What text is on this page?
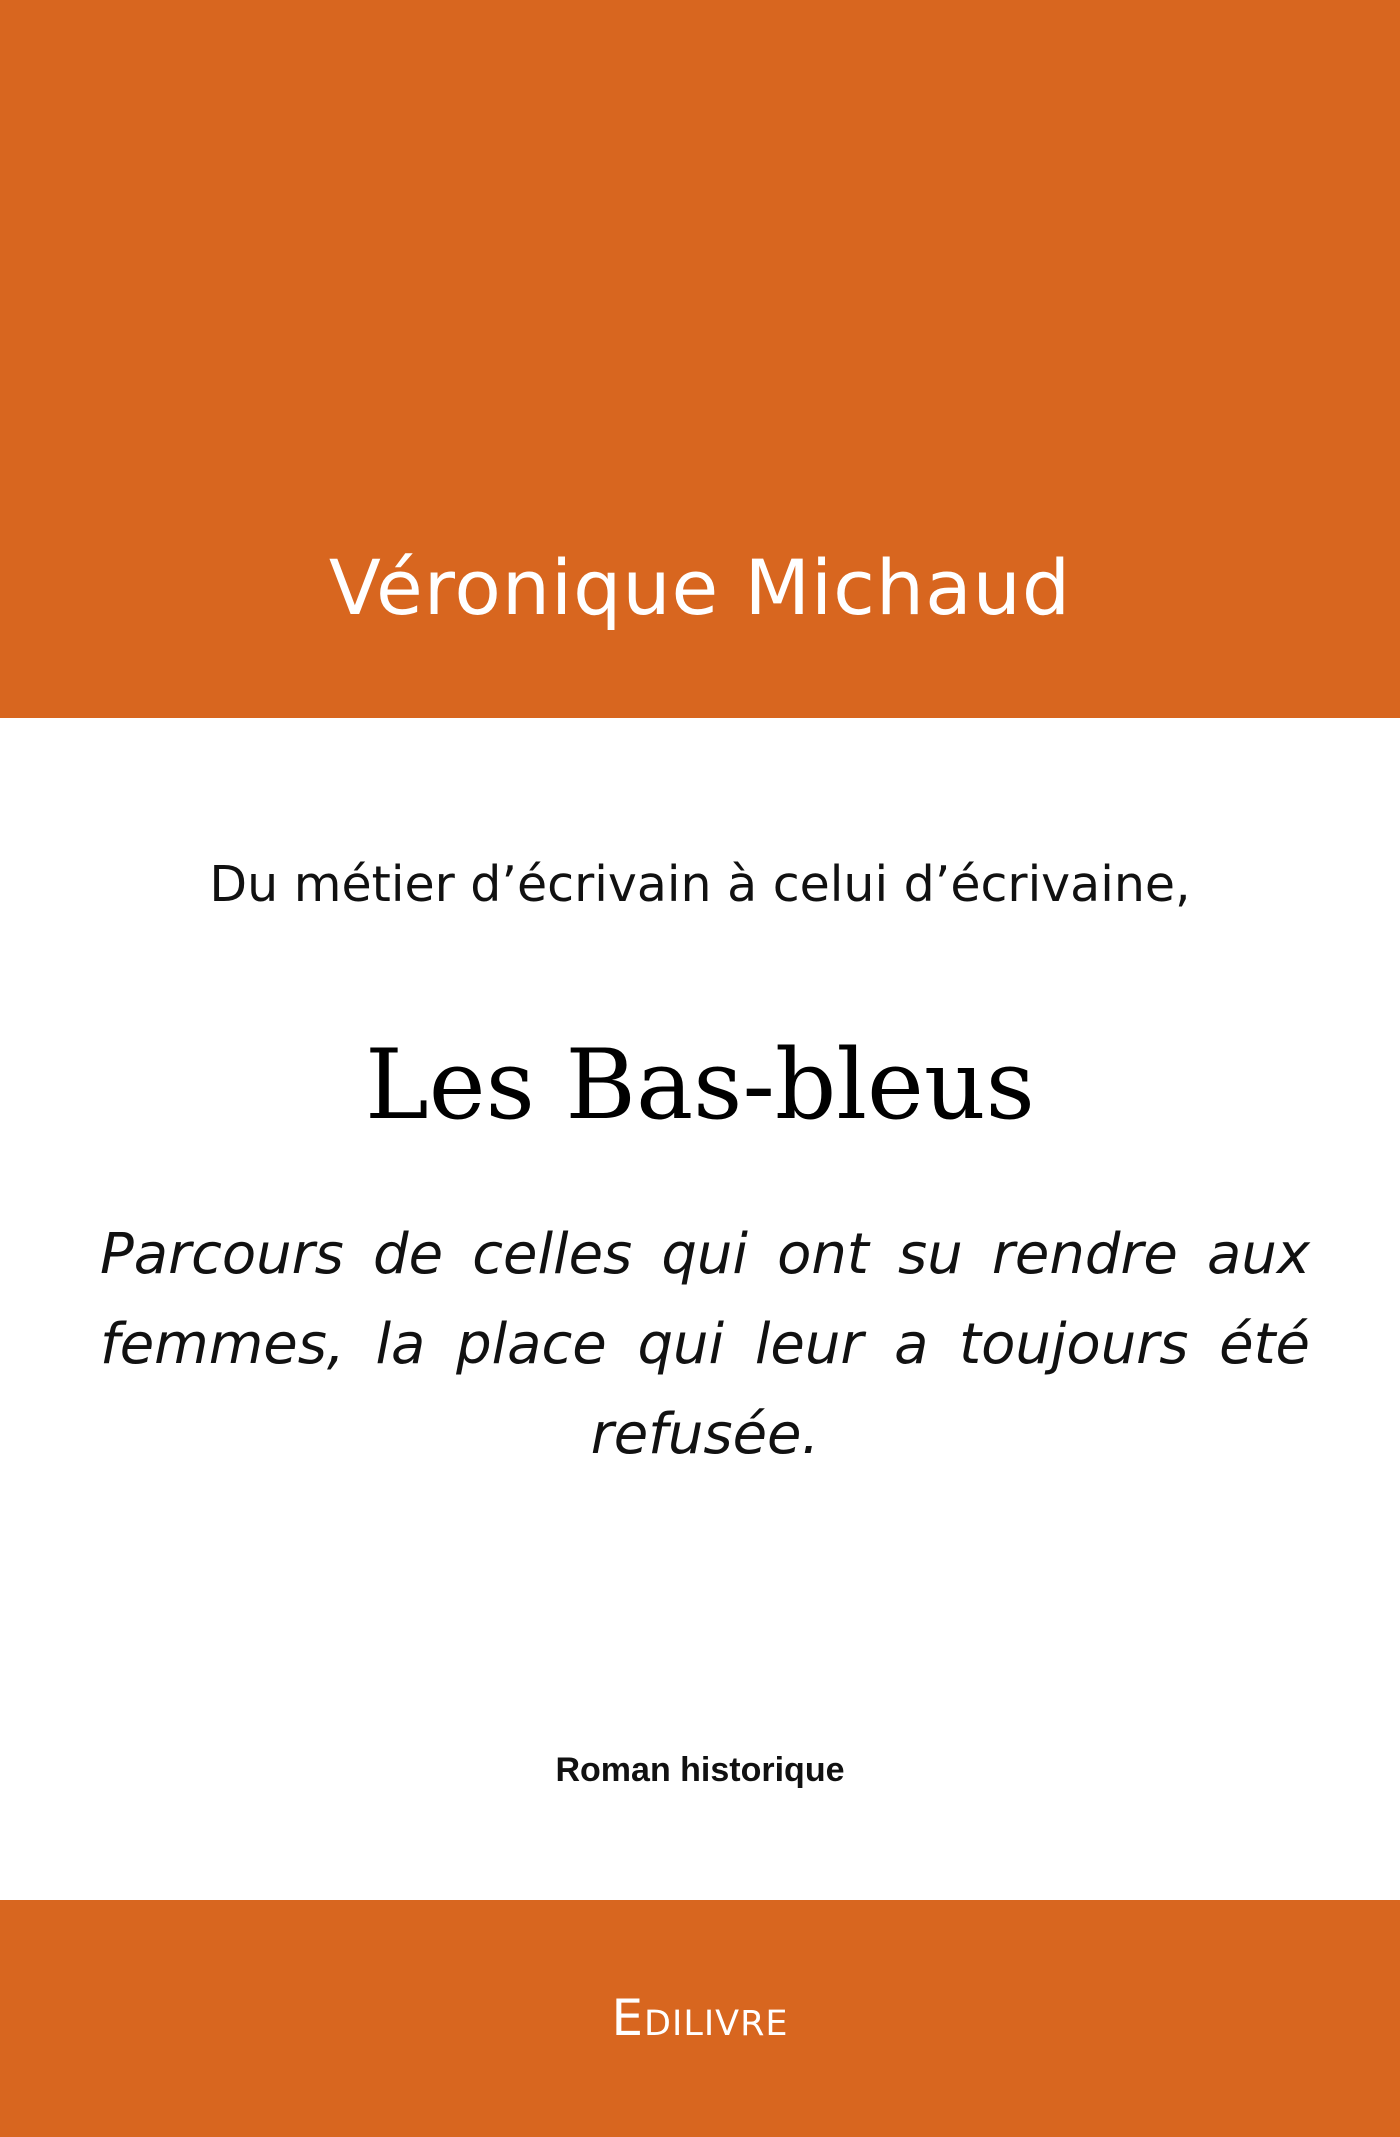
Véronique Michaud
Du métier d’écrivain à celui d’écrivaine,
Les Bas-bleus
Parcours de celles qui ont su rendre aux femmes, la place qui leur a toujours été refusée.
Roman historique
Edilivre
